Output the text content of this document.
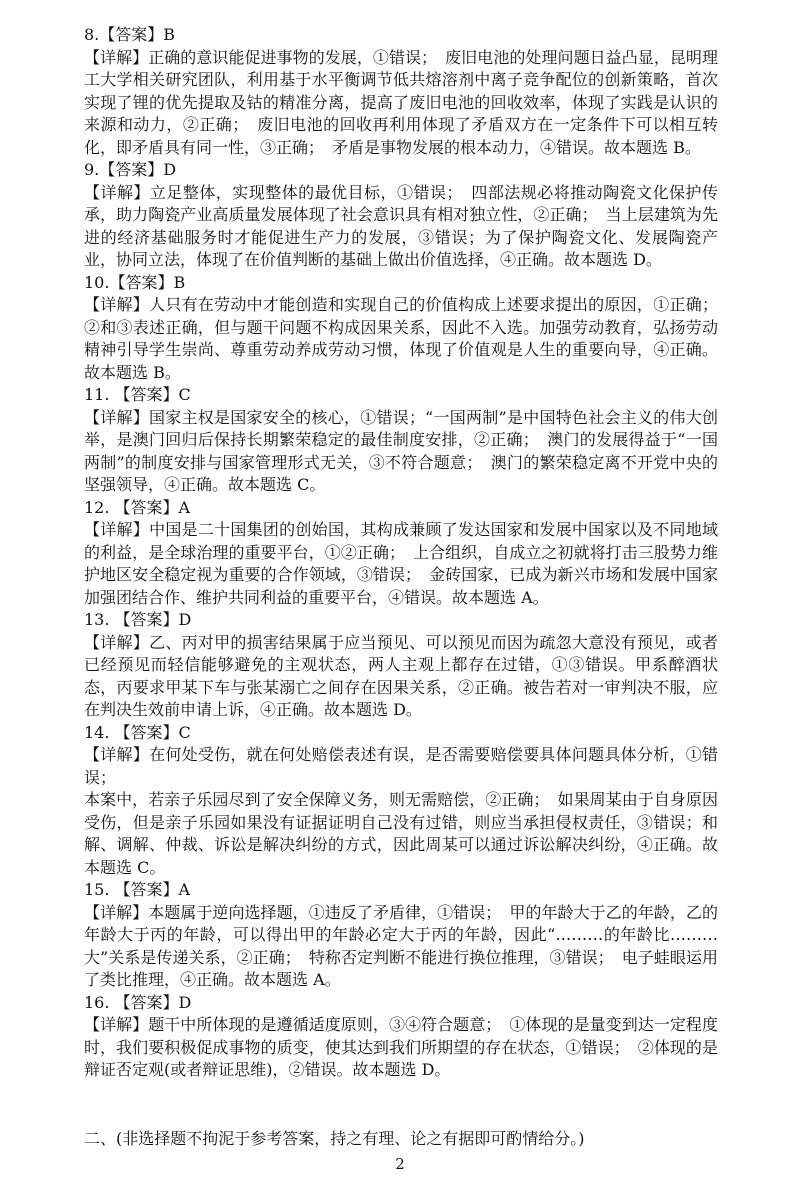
8.【答案】B

【详解】正确的意识能促进事物的发展，①错误；　废旧电池的处理问题日益凸显，昆明理工大学相关研究团队，利用基于水平衡调节低共熔溶剂中离子竞争配位的创新策略，首次实现了锂的优先提取及钴的精准分离，提高了废旧电池的回收效率，体现了实践是认识的来源和动力，②正确；　废旧电池的回收再利用体现了矛盾双方在一定条件下可以相互转化，即矛盾具有同一性，③正确；　矛盾是事物发展的根本动力，④错误。故本题选 B。

9.【答案】D

【详解】立足整体，实现整体的最优目标，①错误；　四部法规必将推动陶瓷文化保护传承，助力陶瓷产业高质量发展体现了社会意识具有相对独立性，②正确；　当上层建筑为先进的经济基础服务时才能促进生产力的发展，③错误；为了保护陶瓷文化、发展陶瓷产业，协同立法，体现了在价值判断的基础上做出价值选择，④正确。故本题选 D。

10.【答案】B

【详解】人只有在劳动中才能创造和实现自己的价值构成上述要求提出的原因，①正确；②和③表述正确，但与题干问题不构成因果关系，因此不入选。加强劳动教育，弘扬劳动精神引导学生崇尚、尊重劳动养成劳动习惯，体现了价值观是人生的重要向导，④正确。故本题选 B。

11. 【答案】C

【详解】国家主权是国家安全的核心，①错误；“一国两制”是中国特色社会主义的伟大创举，是澳门回归后保持长期繁荣稳定的最佳制度安排，②正确；　澳门的发展得益于“一国两制”的制度安排与国家管理形式无关，③不符合题意；　澳门的繁荣稳定离不开党中央的坚强领导，④正确。故本题选 C。

12. 【答案】A

【详解】中国是二十国集团的创始国，其构成兼顾了发达国家和发展中国家以及不同地域的利益，是全球治理的重要平台，①②正确；　上合组织，自成立之初就将打击三股势力维护地区安全稳定视为重要的合作领域，③错误；　金砖国家，已成为新兴市场和发展中国家加强团结合作、维护共同利益的重要平台，④错误。故本题选 A。

13. 【答案】D

【详解】乙、丙对甲的损害结果属于应当预见、可以预见而因为疏忽大意没有预见，或者已经预见而轻信能够避免的主观状态，两人主观上都存在过错，①③错误。甲系醉酒状态，丙要求甲某下车与张某溺亡之间存在因果关系，②正确。被告若对一审判决不服，应在判决生效前申请上诉，④正确。故本题选 D。

14. 【答案】C

【详解】在何处受伤，就在何处赔偿表述有误，是否需要赔偿要具体问题具体分析，①错误；

本案中，若亲子乐园尽到了安全保障义务，则无需赔偿，②正确；　如果周某由于自身原因受伤，但是亲子乐园如果没有证据证明自己没有过错，则应当承担侵权责任，③错误；和解、调解、仲裁、诉讼是解决纠纷的方式，因此周某可以通过诉讼解决纠纷，④正确。故本题选 C。

15. 【答案】A

【详解】本题属于逆向选择题，①违反了矛盾律，①错误；　甲的年龄大于乙的年龄，乙的年龄大于丙的年龄，可以得出甲的年龄必定大于丙的年龄，因此“………的年龄比………大”关系是传递关系，②正确；　特称否定判断不能进行换位推理，③错误；　电子蛙眼运用了类比推理，④正确。故本题选 A。

16. 【答案】D

【详解】题干中所体现的是遵循适度原则，③④符合题意；　①体现的是量变到达一定程度时，我们要积极促成事物的质变，使其达到我们所期望的存在状态，①错误；　②体现的是辩证否定观(或者辩证思维)，②错误。故本题选 D。

二、(非选择题不拘泥于参考答案，持之有理、论之有据即可酌情给分。)
2
